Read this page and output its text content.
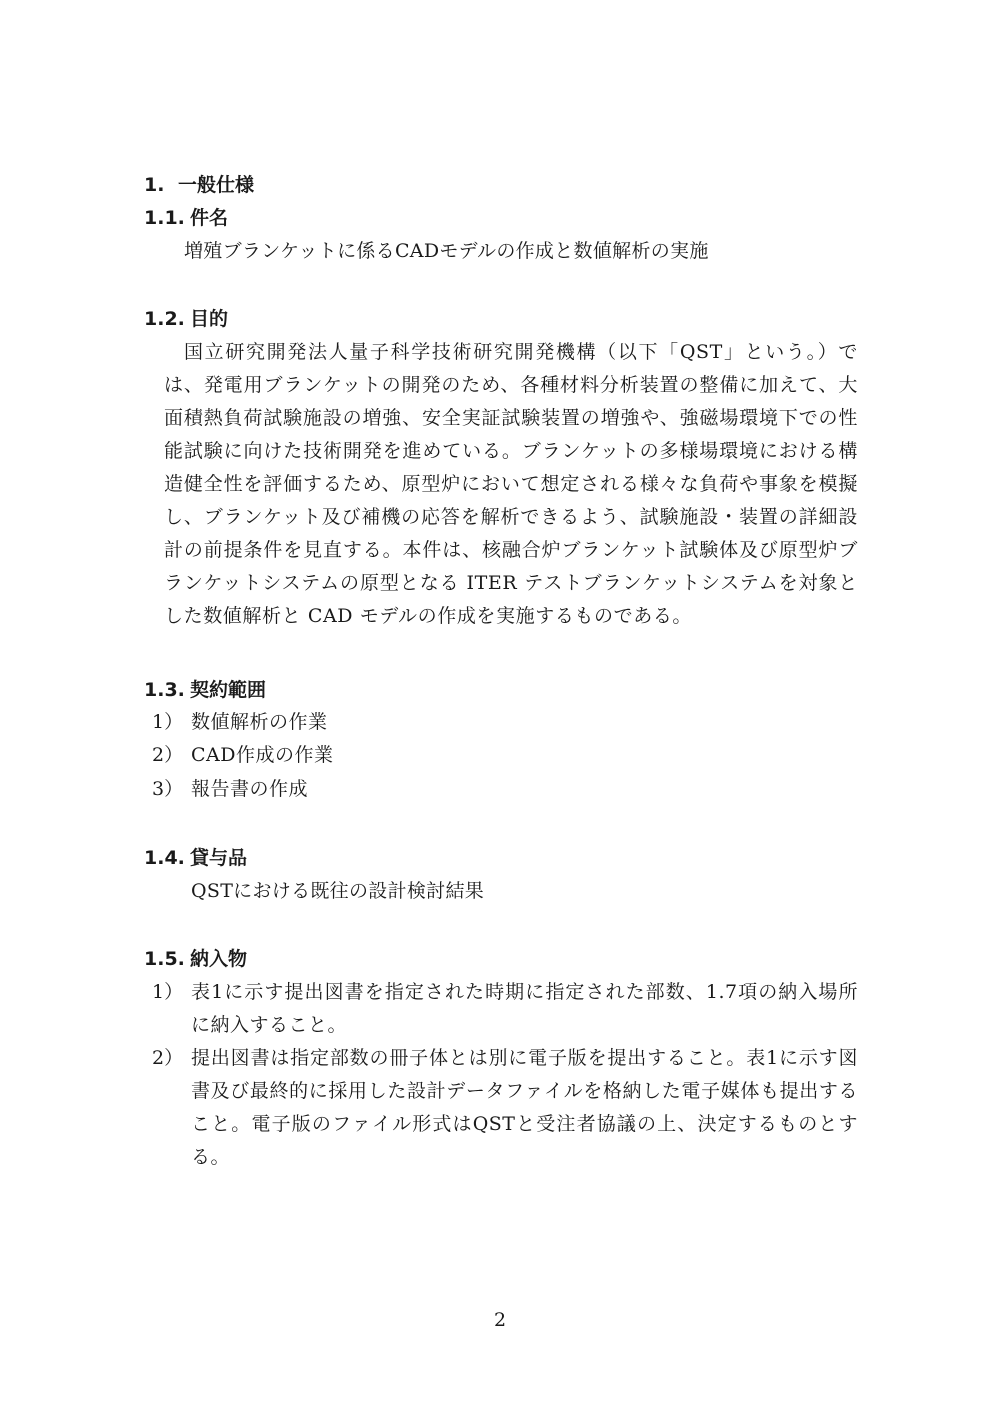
1. 一般仕様
1.1. 件名
増殖ブランケットに係るCADモデルの作成と数値解析の実施
1.2. 目的
国立研究開発法人量子科学技術研究開発機構（以下「QST」という。）では、発電用ブランケットの開発のため、各種材料分析装置の整備に加えて、大面積熱負荷試験施設の増強、安全実証試験装置の増強や、強磁場環境下での性能試験に向けた技術開発を進めている。ブランケットの多様場環境における構造健全性を評価するため、原型炉において想定される様々な負荷や事象を模擬し、ブランケット及び補機の応答を解析できるよう、試験施設・装置の詳細設計の前提条件を見直する。本件は、核融合炉ブランケット試験体及び原型炉ブランケットシステムの原型となる ITER テストブランケットシステムを対象とした数値解析と CAD モデルの作成を実施するものである。
1.3. 契約範囲
1） 数値解析の作業
2） CAD作成の作業
3） 報告書の作成
1.4. 貸与品
QSTにおける既往の設計検討結果
1.5. 納入物
1） 表1に示す提出図書を指定された時期に指定された部数、1.7項の納入場所に納入すること。
2） 提出図書は指定部数の冊子体とは別に電子版を提出すること。表1に示す図書及び最終的に採用した設計データファイルを格納した電子媒体も提出すること。電子版のファイル形式はQSTと受注者協議の上、決定するものとする。
2
